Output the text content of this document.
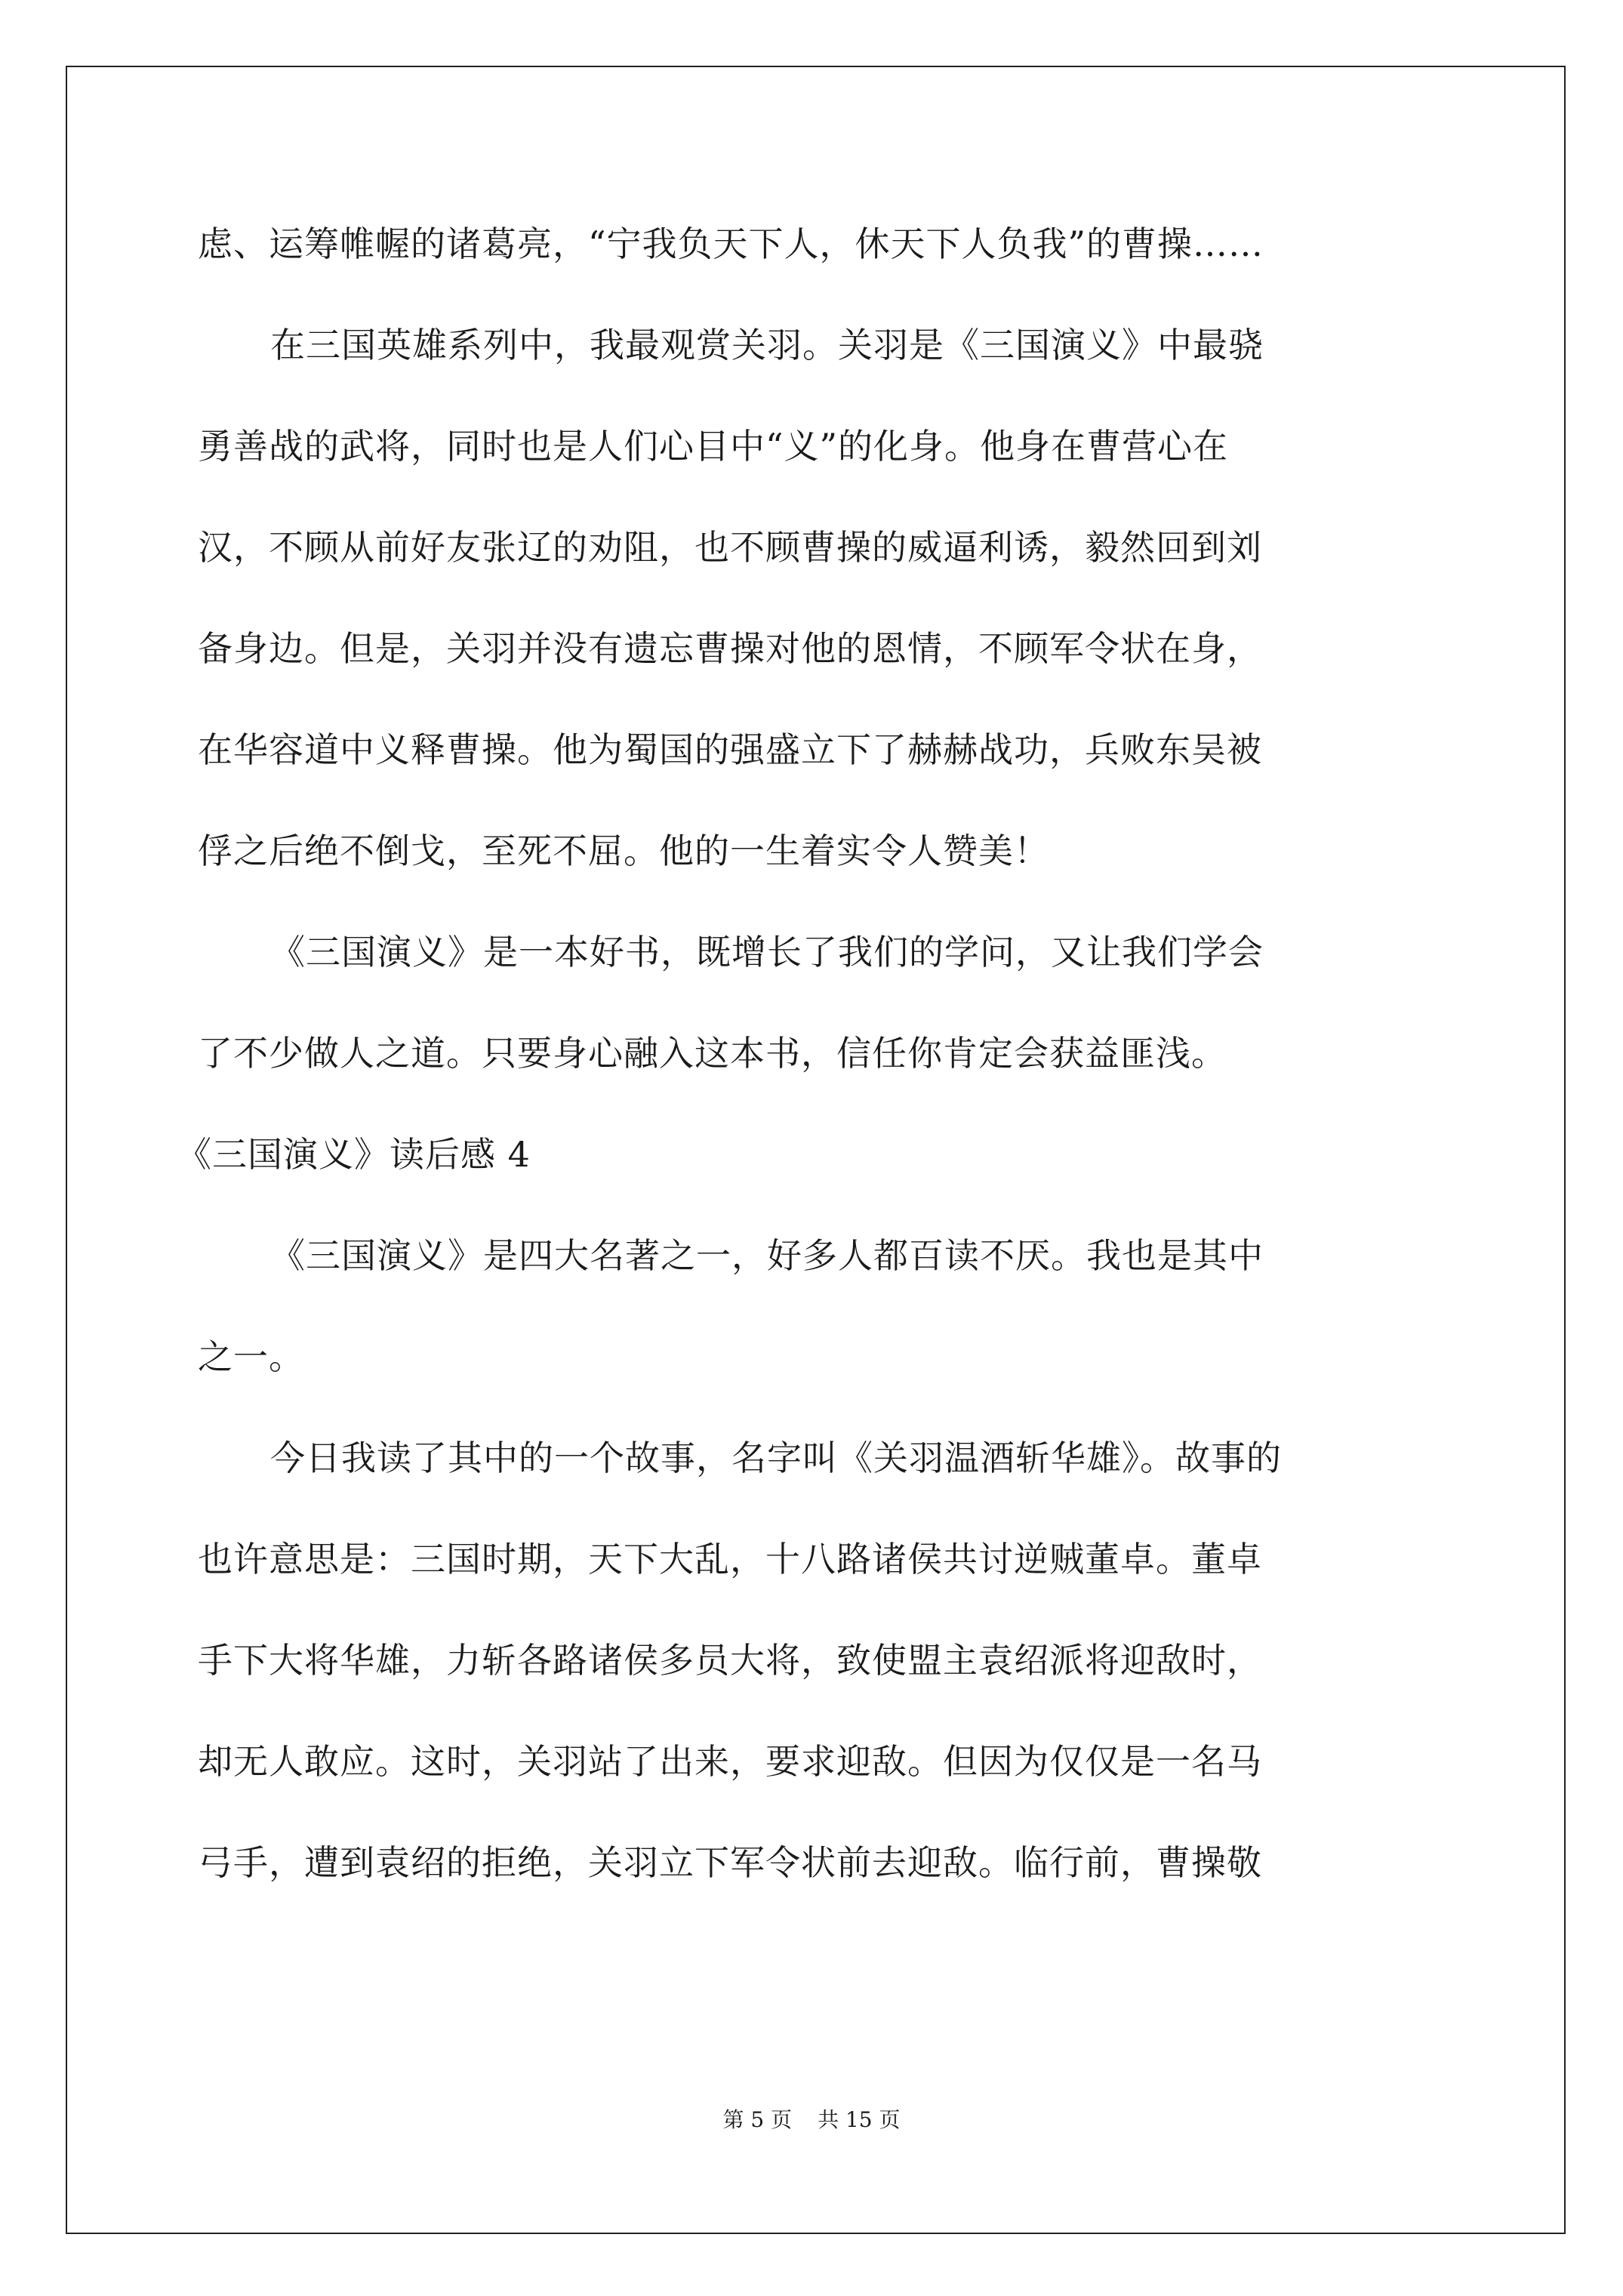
虑、运筹帷幄的诸葛亮，“宁我负天下人，休天下人负我”的曹操……
在三国英雄系列中，我最观赏关羽。关羽是《三国演义》中最骁
勇善战的武将，同时也是人们心目中“义”的化身。他身在曹营心在
汉，不顾从前好友张辽的劝阻，也不顾曹操的威逼利诱，毅然回到刘
备身边。但是，关羽并没有遗忘曹操对他的恩情，不顾军令状在身，
在华容道中义释曹操。他为蜀国的强盛立下了赫赫战功，兵败东吴被
俘之后绝不倒戈，至死不屈。他的一生着实令人赞美！
《三国演义》是一本好书，既增长了我们的学问，又让我们学会
了不少做人之道。只要身心融入这本书，信任你肯定会获益匪浅。
《三国演义》读后感 4
《三国演义》是四大名著之一，好多人都百读不厌。我也是其中
之一。
今日我读了其中的一个故事，名字叫《关羽温酒斩华雄》。故事的
也许意思是：三国时期，天下大乱，十八路诸侯共讨逆贼董卓。董卓
手下大将华雄，力斩各路诸侯多员大将，致使盟主袁绍派将迎敌时，
却无人敢应。这时，关羽站了出来，要求迎敌。但因为仅仅是一名马
弓手，遭到袁绍的拒绝，关羽立下军令状前去迎敌。临行前，曹操敬
第 5 页 共 15 页
